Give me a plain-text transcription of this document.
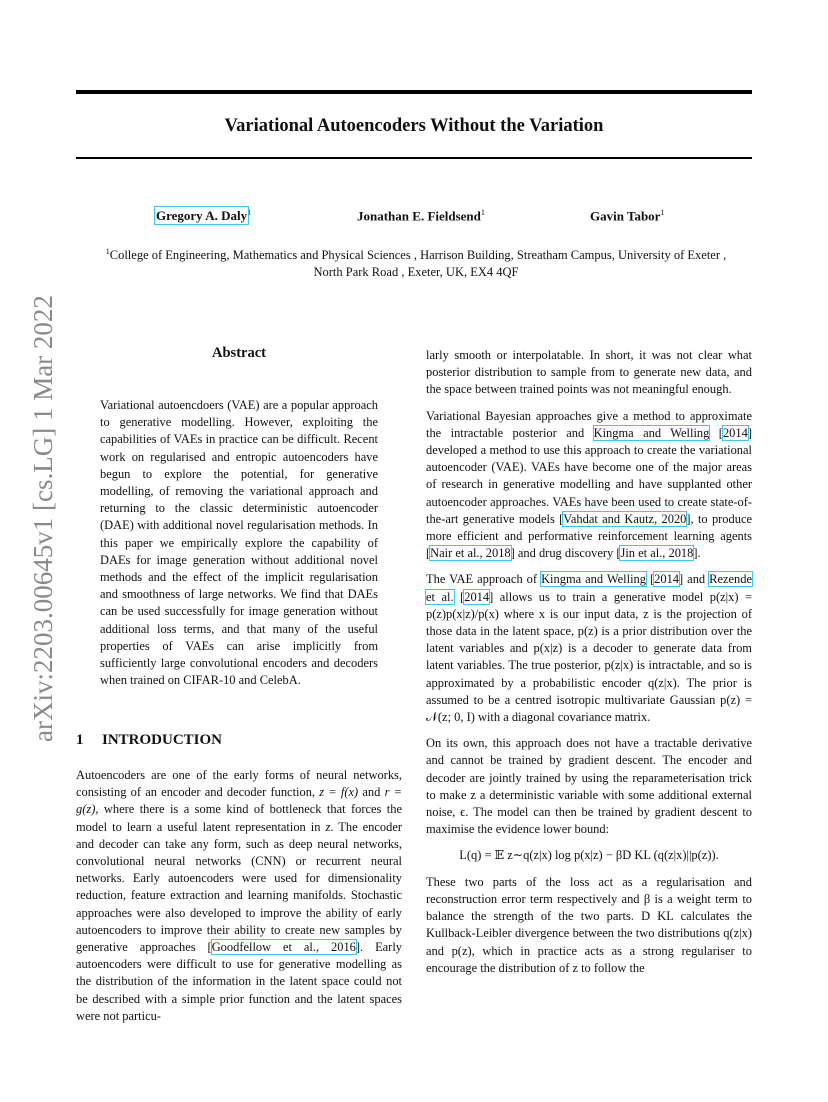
Variational Autoencoders Without the Variation
Gregory A. Daly$^1$	Jonathan E. Fieldsend$^1$	Gavin Tabor$^1$
$^1$College of Engineering, Mathematics and Physical Sciences , Harrison Building, Streatham Campus, University of Exeter ,
North Park Road , Exeter, UK, EX4 4QF
arXiv:2203.00645v1 [cs.LG] 1 Mar 2022	Abstract

Variational autoencdoers (VAE) are a popular approach to generative modelling. However, exploiting the capabilities of VAEs in practice can be difficult. Recent work on regularised and entropic autoencoders have begun to explore the potential, for generative modelling, of removing the variational approach and returning to the classic deterministic autoencoder (DAE) with additional novel regularisation methods. In this paper we empirically explore the capability of DAEs for image generation without additional novel methods and the effect of the implicit regularisation and smoothness of large networks. We find that DAEs can be used successfully for image generation without additional loss terms, and that many of the useful properties of VAEs can arise implicitly from sufficiently large convolutional encoders and decoders when trained on CIFAR-10 and CelebA.

1 INTRODUCTION

Autoencoders are one of the early forms of neural networks, consisting of an encoder and decoder function, z = f(x) and r = g(z), where there is a some kind of bottleneck that forces the model to learn a useful latent representation in z. The encoder and decoder can take any form, such as deep neural networks, convolutional neural networks (CNN) or recurrent neural networks. Early autoencoders were used for dimensionality reduction, feature extraction and learning manifolds. Stochastic approaches were also developed to improve the ability of early autoencoders to improve their ability to create new samples by generative approaches [Goodfellow et al., 2016]. Early autoencoders were difficult to use for generative modelling as the distribution of the information in the latent space could not be described with a simple prior function and the latent spaces were not particu-

larly smooth or interpolatable. In short, it was not clear what posterior distribution to sample from to generate new data, and the space between trained points was not meaningful enough.

Variational Bayesian approaches give a method to approximate the intractable posterior and Kingma and Welling [2014] developed a method to use this approach to create the variational autoencoder (VAE). VAEs have become one of the major areas of research in generative modelling and have supplanted other autoencoder approaches. VAEs have been used to create state-of-the-art generative models [Vahdat and Kautz, 2020], to produce more efficient and performative reinforcement learning agents [Nair et al., 2018] and drug discovery [Jin et al., 2018].

The VAE approach of Kingma and Welling [2014] and Rezende et al. [2014] allows us to train a generative model p(z|x) = p(z)p(x|z)/p(x) where x is our input data, z is the projection of those data in the latent space, p(z) is a prior distribution over the latent variables and p(x|z) is a decoder to generate data from latent variables. The true posterior, p(z|x) is intractable, and so is approximated by a probabilistic encoder q(z|x). The prior is assumed to be a centred isotropic multivariate Gaussian p(z) = 𝒩(z; 0, I) with a diagonal covariance matrix.

On its own, this approach does not have a tractable derivative and cannot be trained by gradient descent. The encoder and decoder are jointly trained by using the reparameterisation trick to make z a deterministic variable with some additional external noise, ϵ. The model can then be trained by gradient descent to maximise the evidence lower bound:

L(q) = 𝔼 z∼q(z|x) log p(x|z) − βD KL (q(z|x)||p(z)).

These two parts of the loss act as a regularisation and reconstruction error term respectively and β is a weight term to balance the strength of the two parts. D KL calculates the Kullback-Leibler divergence between the two distributions q(z|x) and p(z), which in practice acts as a strong regulariser to encourage the distribution of z to follow the
